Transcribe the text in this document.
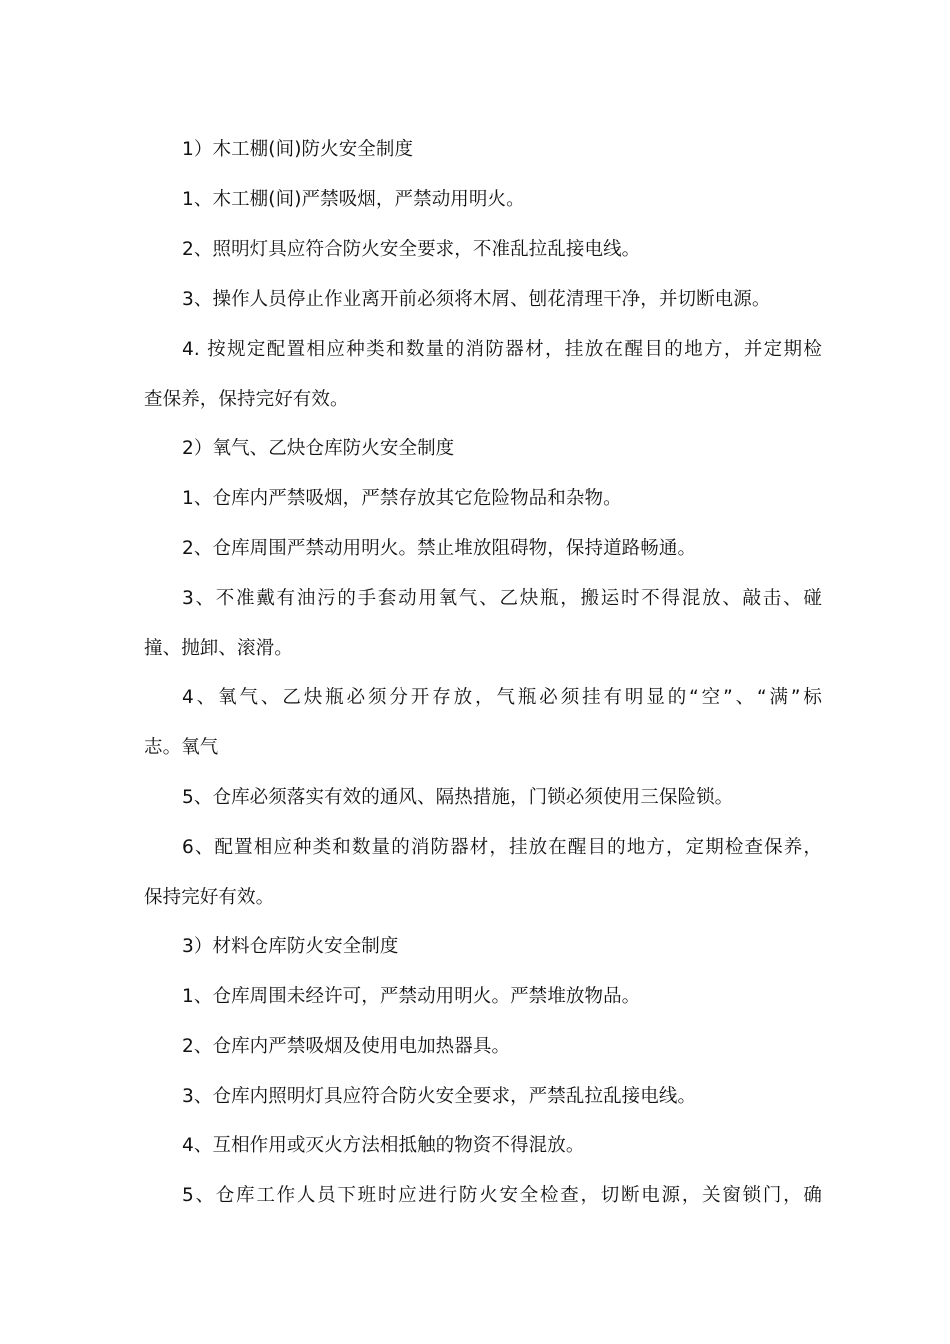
1）木工棚(间)防火安全制度
1、木工棚(间)严禁吸烟，严禁动用明火。
2、照明灯具应符合防火安全要求，不准乱拉乱接电线。
3、操作人员停止作业离开前必须将木屑、刨花清理干净，并切断电源。
4. 按规定配置相应种类和数量的消防器材，挂放在醒目的地方，并定期检
查保养，保持完好有效。
2）氧气、乙炔仓库防火安全制度
1、仓库内严禁吸烟，严禁存放其它危险物品和杂物。
2、仓库周围严禁动用明火。禁止堆放阻碍物，保持道路畅通。
3、不准戴有油污的手套动用氧气、乙炔瓶，搬运时不得混放、敲击、碰
撞、抛卸、滚滑。
4、氧气、乙炔瓶必须分开存放，气瓶必须挂有明显的“空”、“满”标
志。氧气
5、仓库必须落实有效的通风、隔热措施，门锁必须使用三保险锁。
6、配置相应种类和数量的消防器材，挂放在醒目的地方，定期检查保养，
保持完好有效。
3）材料仓库防火安全制度
1、仓库周围未经许可，严禁动用明火。严禁堆放物品。
2、仓库内严禁吸烟及使用电加热器具。
3、仓库内照明灯具应符合防火安全要求，严禁乱拉乱接电线。
4、互相作用或灭火方法相抵触的物资不得混放。
5、仓库工作人员下班时应进行防火安全检查，切断电源，关窗锁门，确
